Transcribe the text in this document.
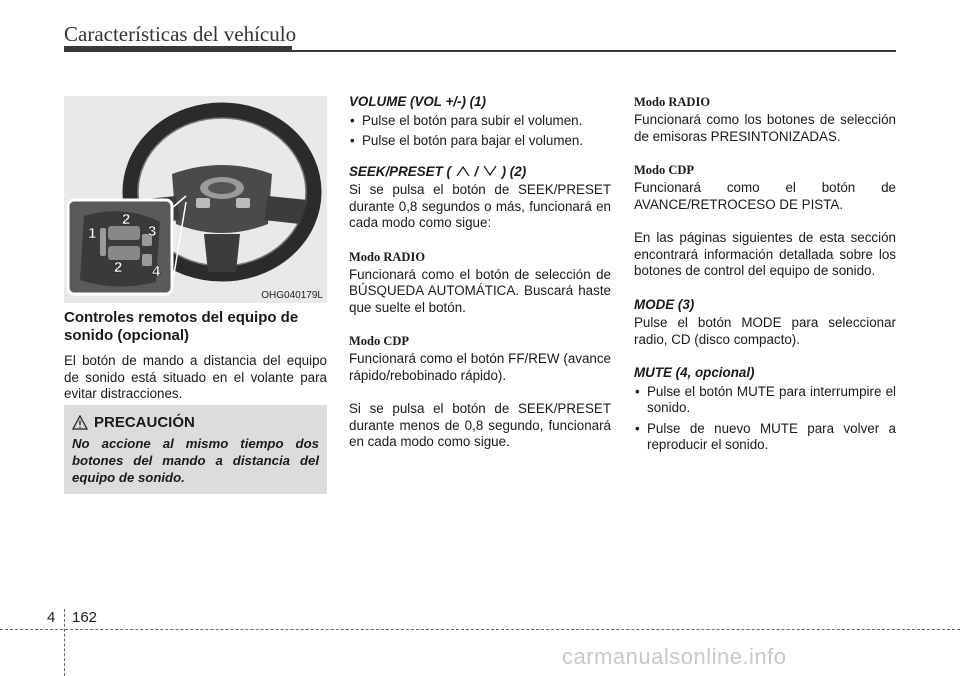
Características del vehículo
1
2
3
2 4
OHG040179L
Controles remotos del equipo de sonido (opcional)
El botón de mando a distancia del equipo de sonido está situado en el volante para evitar distracciones.
PRECAUCIÓN
No accione al mismo tiempo dos botones del mando a distancia del equipo de sonido.
VOLUME (VOL +/-) (1)
• Pulse el botón para subir el volumen.
• Pulse el botón para bajar el volumen.
SEEK/PRESET ( / ) (2)
Si se pulsa el botón de SEEK/PRESET durante 0,8 segundos o más, funcionará en cada modo como sigue:
Modo RADIO
Funcionará como el botón de selección de BÚSQUEDA AUTOMÁTICA. Buscará haste que suelte el botón.
Modo CDP
Funcionará como el botón FF/REW (avance rápido/rebobinado rápido).
Si se pulsa el botón de SEEK/PRESET durante menos de 0,8 segundo, funcionará en cada modo como sigue.
Modo RADIO
Funcionará como los botones de selección de emisoras PRESINTONIZADAS.
Modo CDP
Funcionará como el botón de AVANCE/RETROCESO DE PISTA.
En las páginas siguientes de esta sección encontrará información detallada sobre los botones de control del equipo de sonido.
MODE (3)
Pulse el botón MODE para seleccionar radio, CD (disco compacto).
MUTE (4, opcional)
• Pulse el botón MUTE para interrumpire el sonido.
• Pulse de nuevo MUTE para volver a reproducir el sonido.
4 162
carmanualsonline.info
